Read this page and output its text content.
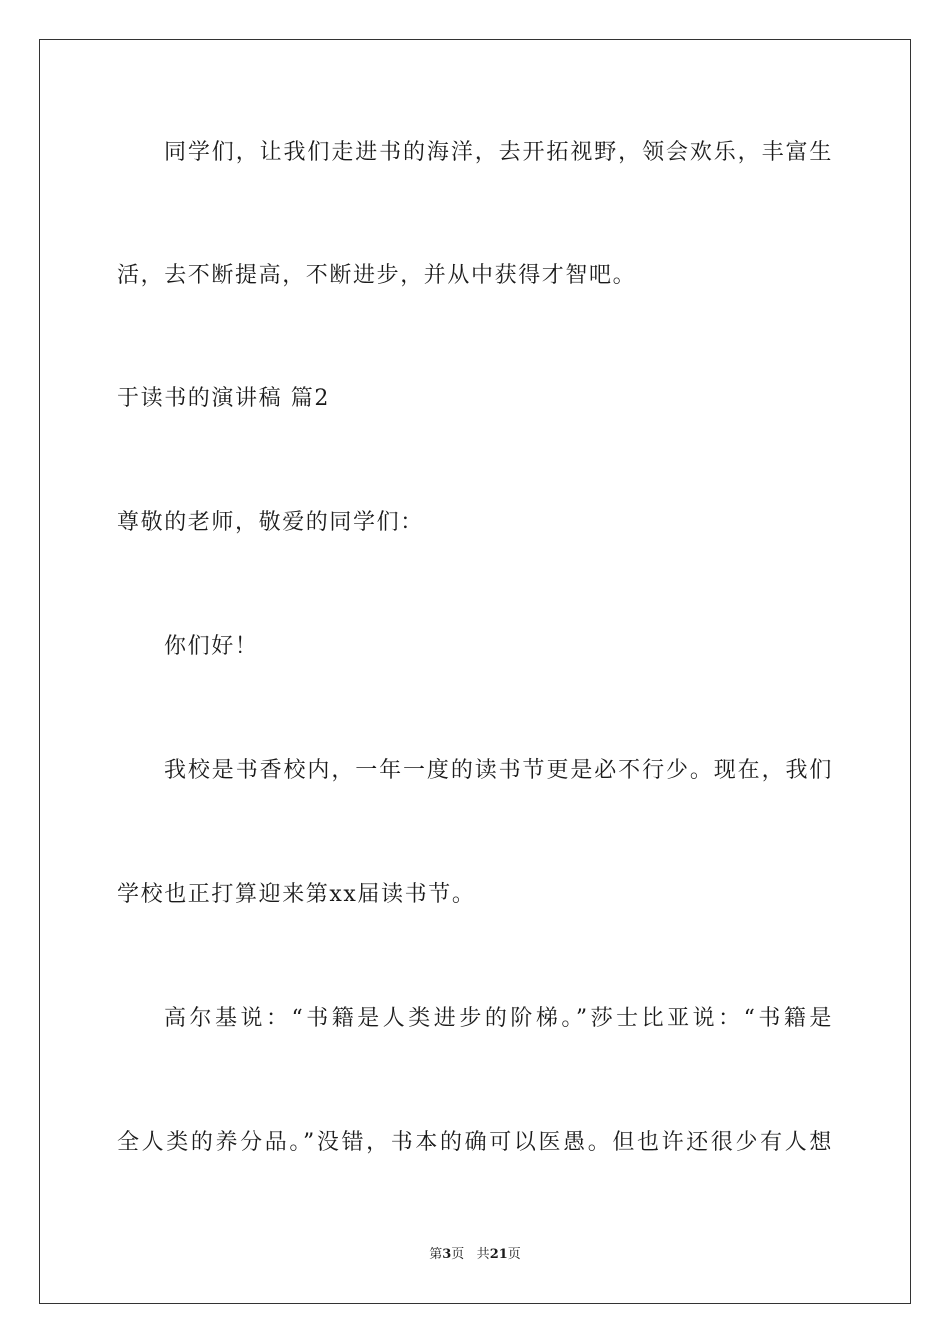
同学们，让我们走进书的海洋，去开拓视野，领会欢乐，丰富生
活，去不断提高，不断进步，并从中获得才智吧。
于读书的演讲稿 篇2
尊敬的老师，敬爱的同学们：
你们好！
我校是书香校内，一年一度的读书节更是必不行少。现在，我们
学校也正打算迎来第xx届读书节。
高尔基说：“书籍是人类进步的阶梯。”莎士比亚说：“书籍是
全人类的养分品。”没错，书本的确可以医愚。但也许还很少有人想
第3页 共21页
